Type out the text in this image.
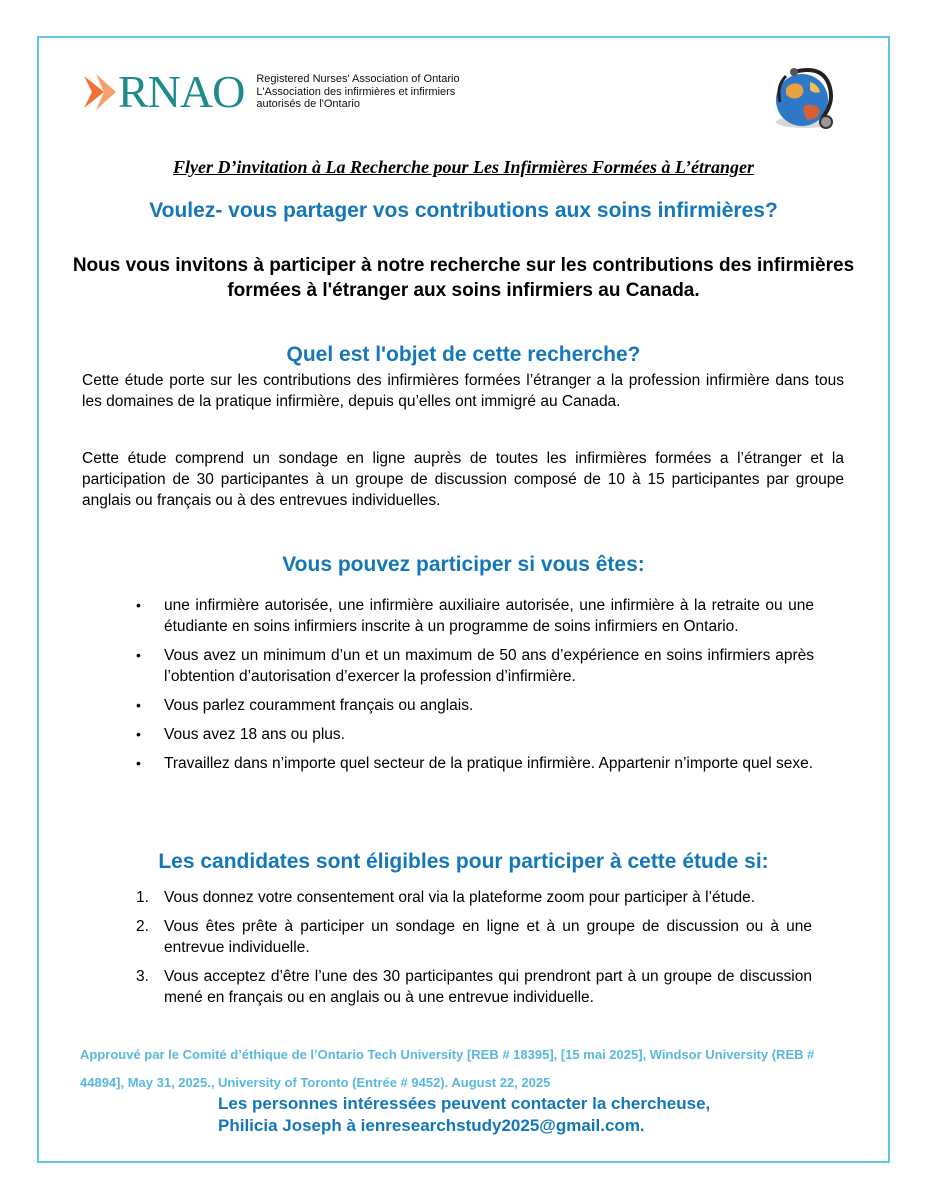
RNAO Registered Nurses' Association of Ontario
L'Association des infirmières et infirmiers
autorisés de l'Ontario
Flyer D’invitation à La Recherche pour Les Infirmières Formées à L’étranger
Voulez- vous partager vos contributions aux soins infirmières?
Nous vous invitons à participer à notre recherche sur les contributions des infirmières formées à l'étranger aux soins infirmiers au Canada.
Quel est l'objet de cette recherche?
Cette étude porte sur les contributions des infirmières formées l’étranger a la profession infirmière dans tous les domaines de la pratique infirmière, depuis qu’elles ont immigré au Canada.
Cette étude comprend un sondage en ligne auprès de toutes les infirmières formées a l’étranger et la participation de 30 participantes à un groupe de discussion composé de 10 à 15 participantes par groupe anglais ou français ou à des entrevues individuelles.
Vous pouvez participer si vous êtes:
• une infirmière autorisée, une infirmière auxiliaire autorisée, une infirmière à la retraite ou une étudiante en soins infirmiers inscrite à un programme de soins infirmiers en Ontario.
• Vous avez un minimum d’un et un maximum de 50 ans d’expérience en soins infirmiers après l’obtention d’autorisation d’exercer la profession d’infirmière.
• Vous parlez couramment français ou anglais.
• Vous avez 18 ans ou plus.
• Travaillez dans n’importe quel secteur de la pratique infirmière. Appartenir n’importe quel sexe.
Les candidates sont éligibles pour participer à cette étude si:
1. Vous donnez votre consentement oral via la plateforme zoom pour participer à l’étude.
2. Vous êtes prête à participer un sondage en ligne et à un groupe de discussion ou à une entrevue individuelle.
3. Vous acceptez d’être l’une des 30 participantes qui prendront part à un groupe de discussion mené en français ou en anglais ou à une entrevue individuelle.
Approuvé par le Comité d’éthique de l’Ontario Tech University [REB # 18395], [15 mai 2025], Windsor University (REB # 44894], May 31, 2025., University of Toronto (Entrée # 9452). August 22, 2025
Les personnes intéressées peuvent contacter la chercheuse,
Philicia Joseph à ienresearchstudy2025@gmail.com.
